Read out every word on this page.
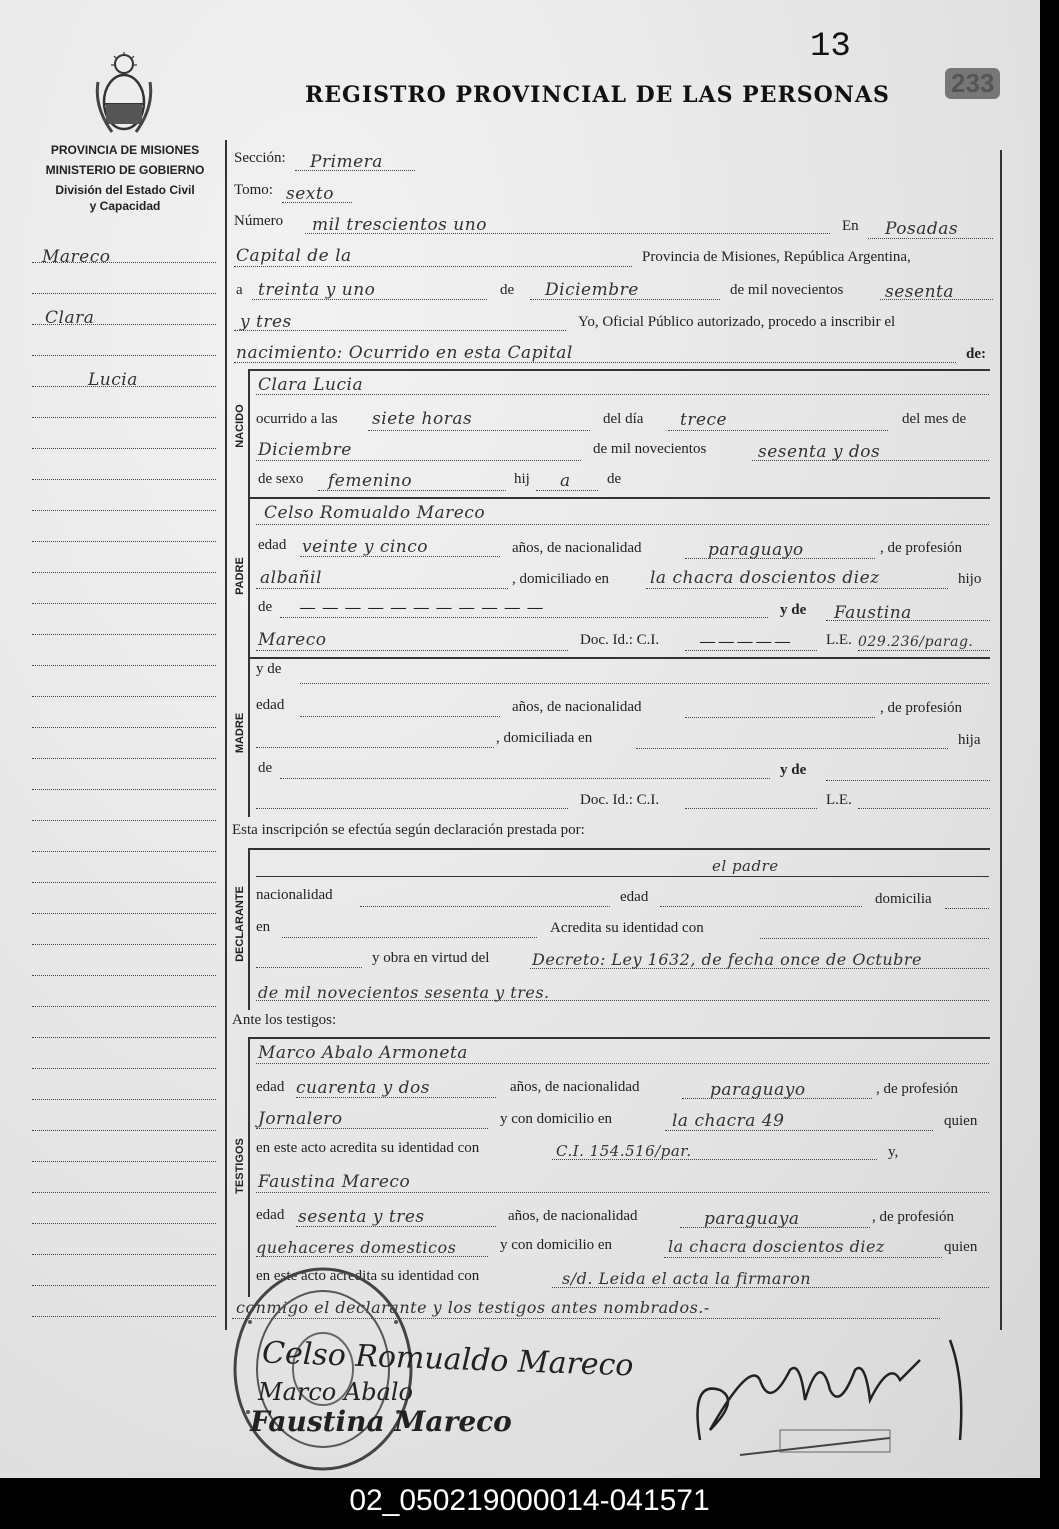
13
233
REGISTRO PROVINCIAL DE LAS PERSONAS
PROVINCIA DE MISIONES
MINISTERIO DE GOBIERNO
División del Estado Civil
y Capacidad
Mareco
Clara
Lucia
Sección: Primera
Tomo: sexto
Número mil trescientos uno	En Posadas
Capital de la	Provincia de Misiones, República Argentina,
a treinta y uno	de Diciembre	de mil novecientos sesenta
y tres	Yo, Oficial Público autorizado, procedo a inscribir el
nacimiento: Ocurrido en esta Capital	de:
NACIDO
Clara Lucia
ocurrido a las siete horas	del día trece	del mes de
Diciembre	de mil novecientos	sesenta y dos
de sexo femenino	hij a de
PADRE
Celso Romualdo Mareco
edad veinte y cinco	años, de nacionalidad	paraguayo	, de profesión
albañil	, domiciliado en la chacra doscientos diez	hijo
de — — — — — — — — — — —	y de Faustina
Mareco	Doc. Id.: C.I.	— — — — — L.E. 029.236/parag.
MADRE
y de
edad	años, de nacionalidad	, de profesión
, domiciliada en	hija
de	y de
Doc. Id.: C.I.	L.E.
Esta inscripción se efectúa según declaración prestada por:
DECLARANTE
el padre
nacionalidad	edad	domicilia
en	Acredita su identidad con
y obra en virtud del	Decreto: Ley 1632, de fecha once de Octubre
de mil novecientos sesenta y tres.
Ante los testigos:
TESTIGOS
Marco Abalo Armoneta
edad cuarenta y dos	años, de nacionalidad	paraguayo	, de profesión
Jornalero	y con domicilio en	la chacra 49	quien
en este acto acredita su identidad con	C.I. 154.516/par.	y,
Faustina Mareco
edad sesenta y tres	años, de nacionalidad	paraguaya	, de profesión
quehaceres domesticos	y con domicilio en	la chacra doscientos diez	quien
en este acto acredita su identidad con	s/d. Leida el acta la firmaron
conmigo el declarante y los testigos antes nombrados.-
Celso Romualdo Mareco
Marco Abalo
Faustina Mareco
02_050219000014-041571
